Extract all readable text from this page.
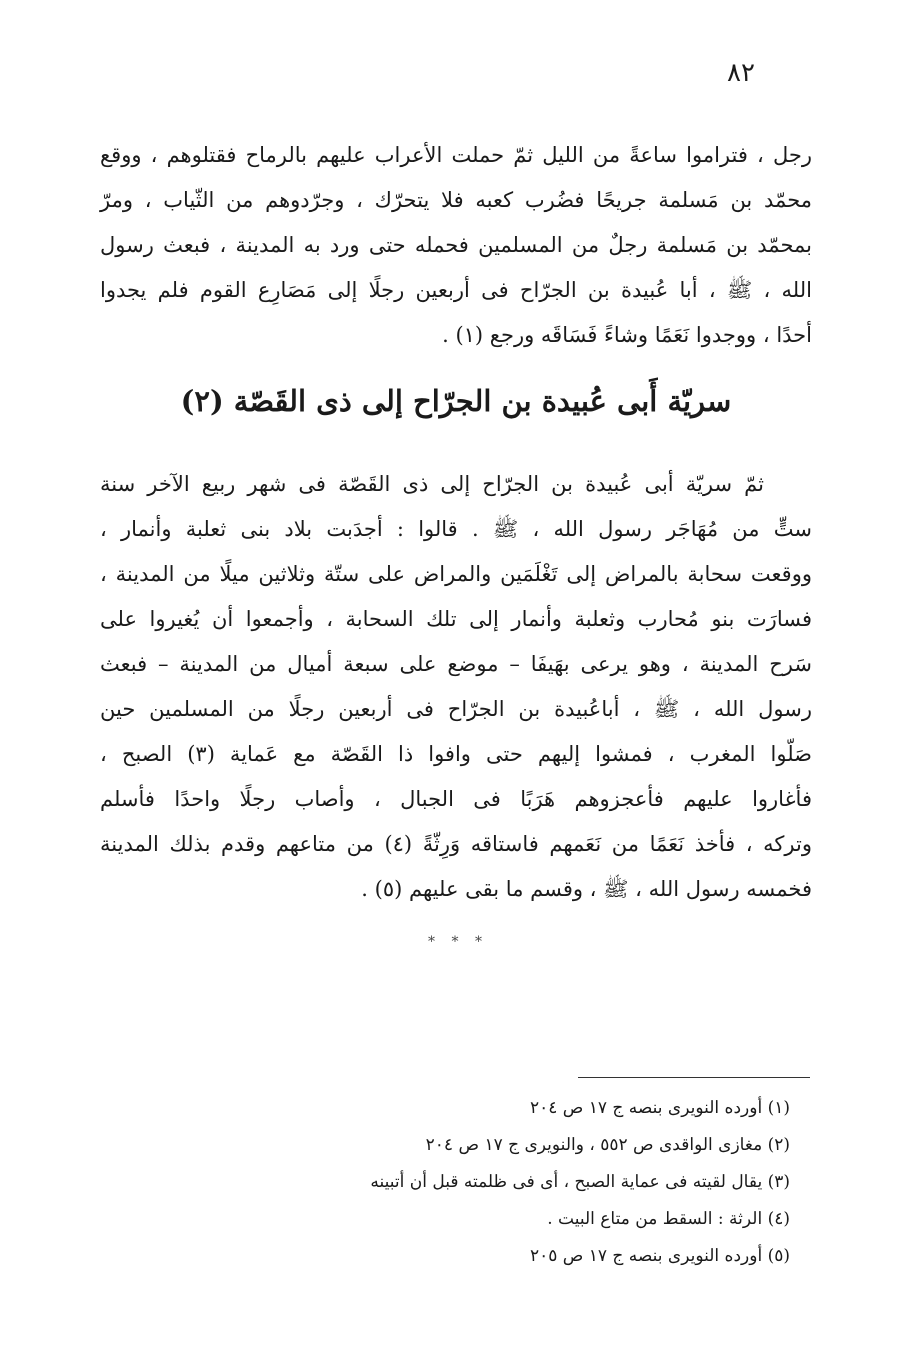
٨٢
رجل ، فتراموا ساعةً من الليل ثمّ حملت الأعراب عليهم بالرماح فقتلوهم ، ووقع
محمّد بن مَسلمة جريحًا فضُرب كعبه فلا يتحرّك ، وجرّدوهم من الثّياب ، ومرّ
بمحمّد بن مَسلمة رجلٌ من المسلمين فحمله حتى ورد به المدينة ، فبعث رسول
الله ، ﷺ ، أبا عُبيدة بن الجرّاح فى أربعين رجلًا إلى مَصَارِع القوم فلم يجدوا
أحدًا ، ووجدوا نَعَمًا وشاءً فَسَاقَه ورجع (١) .
سريّة أَبى عُبيدة بن الجرّاح إلى ذى القَصّة (٢)
ثمّ سريّة أبى عُبيدة بن الجرّاح إلى ذى القَصّة فى شهر ربيع الآخر سنة
ستٍّ من مُهَاجَر رسول الله ، ﷺ . قالوا : أجدَبت بلاد بنى ثعلبة وأنمار ،
ووقعت سحابة بالمراض إلى تَغْلَمَين والمراض على ستّة وثلاثين ميلًا من المدينة ،
فسارَت بنو مُحارب وثعلبة وأنمار إلى تلك السحابة ، وأجمعوا أن يُغيروا على
سَرح المدينة ، وهو يرعى بهَيفَا – موضع على سبعة أميال من المدينة – فبعث
رسول الله ، ﷺ ، أباعُبيدة بن الجرّاح فى أربعين رجلًا من المسلمين حين
صَلّوا المغرب ، فمشوا إليهم حتى وافوا ذا القَصّة مع عَماية (٣) الصبح ،
فأغاروا عليهم فأعجزوهم هَرَبًا فى الجبال ، وأصاب رجلًا واحدًا فأسلم
وتركه ، فأخذ نَعَمًا من نَعَمهم فاستاقه وَرِثّةً (٤) من متاعهم وقدم بذلك المدينة
فخمسه رسول الله ، ﷺ ، وقسم ما بقى عليهم (٥) .
* * *
(١) أورده النويرى بنصه ج ١٧ ص ٢٠٤
(٢) مغازى الواقدى ص ٥٥٢ ، والنويرى ج ١٧ ص ٢٠٤
(٣) يقال لقيته فى عماية الصبح ، أى فى ظلمته قبل أن أتبينه
(٤) الرثة : السقط من متاع البيت .
(٥) أورده النويرى بنصه ج ١٧ ص ٢٠٥
